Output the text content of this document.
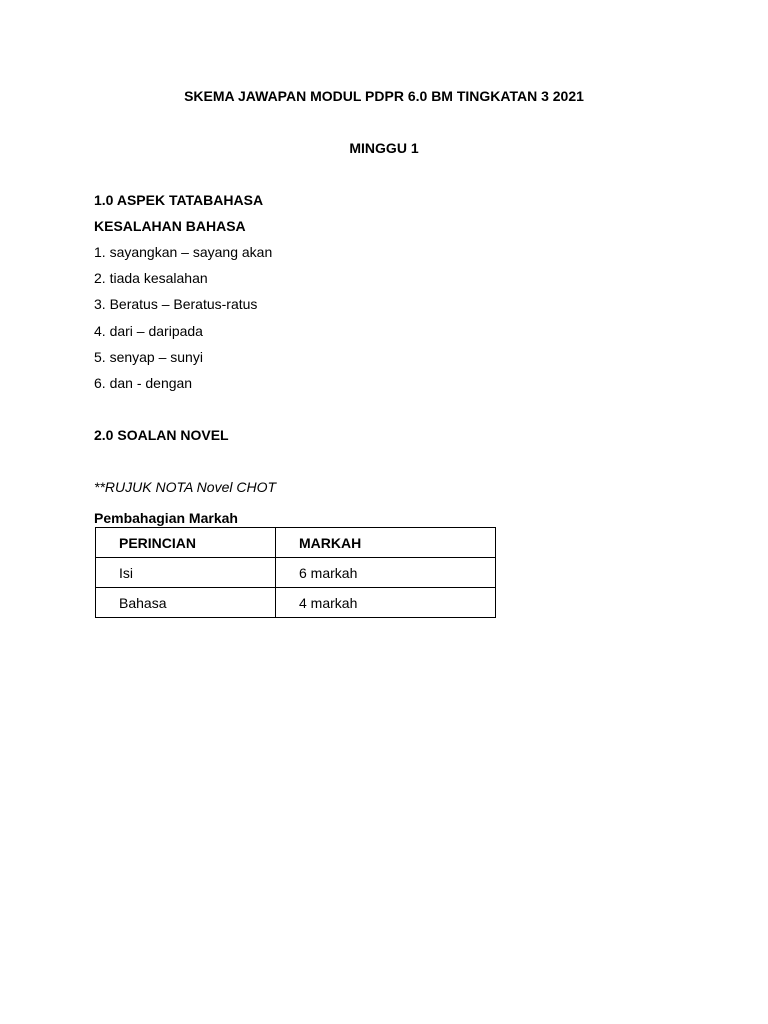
SKEMA JAWAPAN MODUL PDPR 6.0 BM TINGKATAN 3 2021
MINGGU 1
1.0 ASPEK TATABAHASA
KESALAHAN BAHASA
1. sayangkan – sayang akan
2. tiada kesalahan
3. Beratus – Beratus-ratus
4. dari – daripada
5. senyap – sunyi
6. dan - dengan
2.0 SOALAN NOVEL
**RUJUK NOTA Novel CHOT
Pembahagian Markah
PERINCIAN	MARKAH
Isi	6 markah
Bahasa	4 markah
